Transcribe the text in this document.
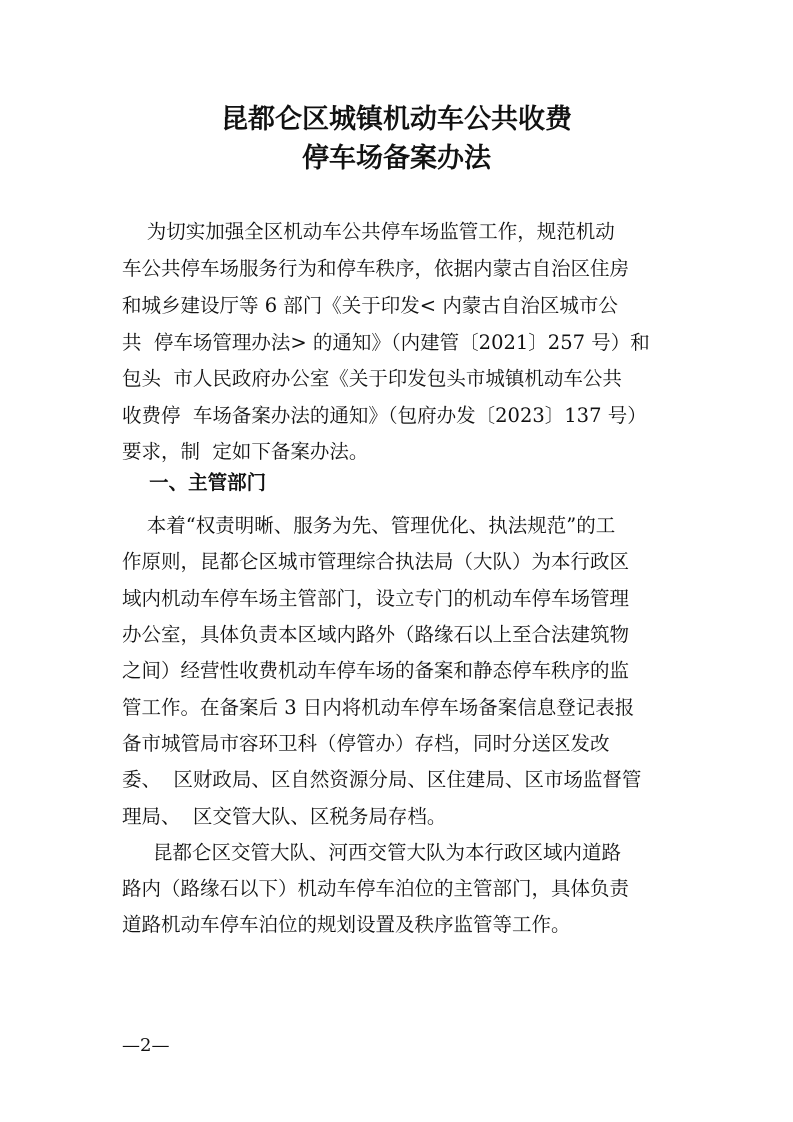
昆都仑区城镇机动车公共收费
停车场备案办法

为切实加强全区机动车公共停车场监管工作，规范机动

车公共停车场服务行为和停车秩序，依据内蒙古自治区住房

和城乡建设厅等 6 部门《关于印发< 内蒙古自治区城市公

共  停车场管理办法> 的通知》（内建管〔2021〕257 号）和

包头  市人民政府办公室《关于印发包头市城镇机动车公共

收费停  车场备案办法的通知》（包府办发〔2023〕137 号）

要求，制  定如下备案办法。

一、主管部门

本着“权责明晰、服务为先、管理优化、执法规范”的工

作原则，昆都仑区城市管理综合执法局（大队）为本行政区

域内机动车停车场主管部门，设立专门的机动车停车场管理

办公室，具体负责本区域内路外（路缘石以上至合法建筑物

之间）经营性收费机动车停车场的备案和静态停车秩序的监

管工作。在备案后 3 日内将机动车停车场备案信息登记表报

备市城管局市容环卫科（停管办）存档，同时分送区发改

委、  区财政局、区自然资源分局、区住建局、区市场监督管

理局、  区交管大队、区税务局存档。

昆都仑区交管大队、河西交管大队为本行政区域内道路

路内（路缘石以下）机动车停车泊位的主管部门，具体负责

道路机动车停车泊位的规划设置及秩序监管等工作。

—2—
